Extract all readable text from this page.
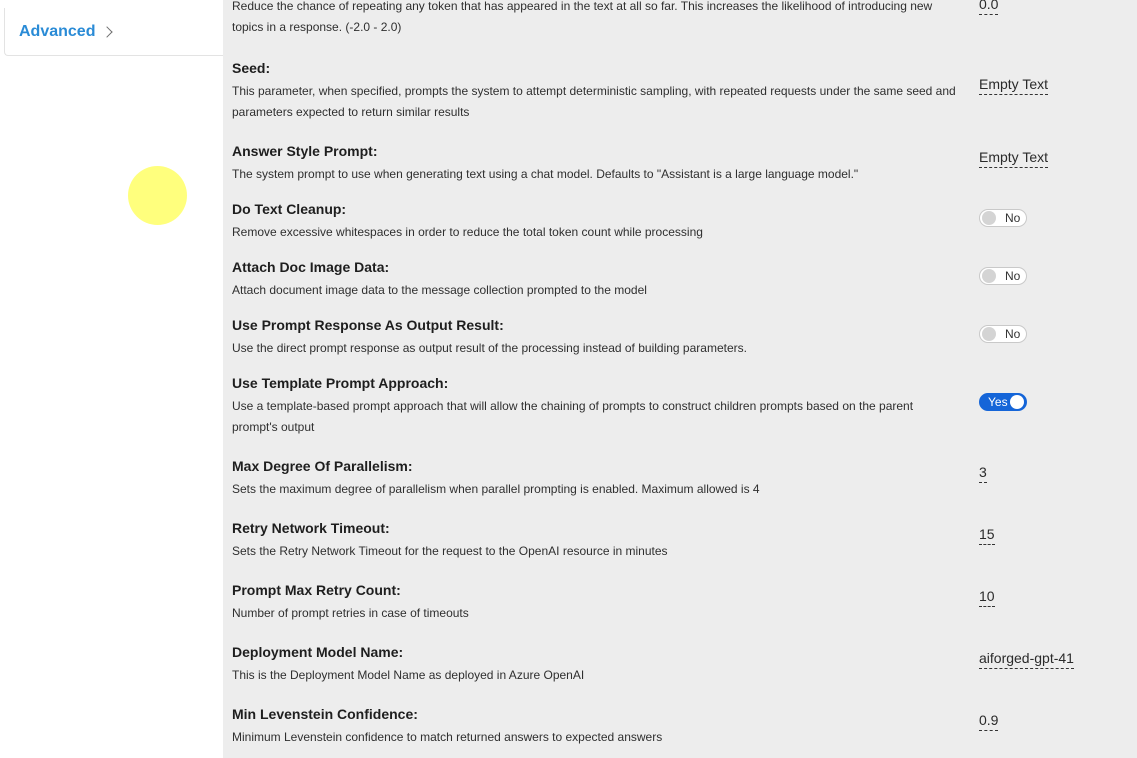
Advanced
Reduce the chance of repeating any token that has appeared in the text at all so far. This increases the likelihood of introducing new topics in a response. (-2.0 - 2.0)
0.0
Seed:
This parameter, when specified, prompts the system to attempt deterministic sampling, with repeated requests under the same seed and parameters expected to return similar results
Empty Text
Answer Style Prompt:
The system prompt to use when generating text using a chat model. Defaults to "Assistant is a large language model."
Empty Text
Do Text Cleanup:
Remove excessive whitespaces in order to reduce the total token count while processing
No
Attach Doc Image Data:
Attach document image data to the message collection prompted to the model
No
Use Prompt Response As Output Result:
Use the direct prompt response as output result of the processing instead of building parameters.
No
Use Template Prompt Approach:
Use a template-based prompt approach that will allow the chaining of prompts to construct children prompts based on the parent prompt's output
Yes
Max Degree Of Parallelism:
Sets the maximum degree of parallelism when parallel prompting is enabled. Maximum allowed is 4
3
Retry Network Timeout:
Sets the Retry Network Timeout for the request to the OpenAI resource in minutes
15
Prompt Max Retry Count:
Number of prompt retries in case of timeouts
10
Deployment Model Name:
This is the Deployment Model Name as deployed in Azure OpenAI
aiforged-gpt-41
Min Levenstein Confidence:
Minimum Levenstein confidence to match returned answers to expected answers
0.9
